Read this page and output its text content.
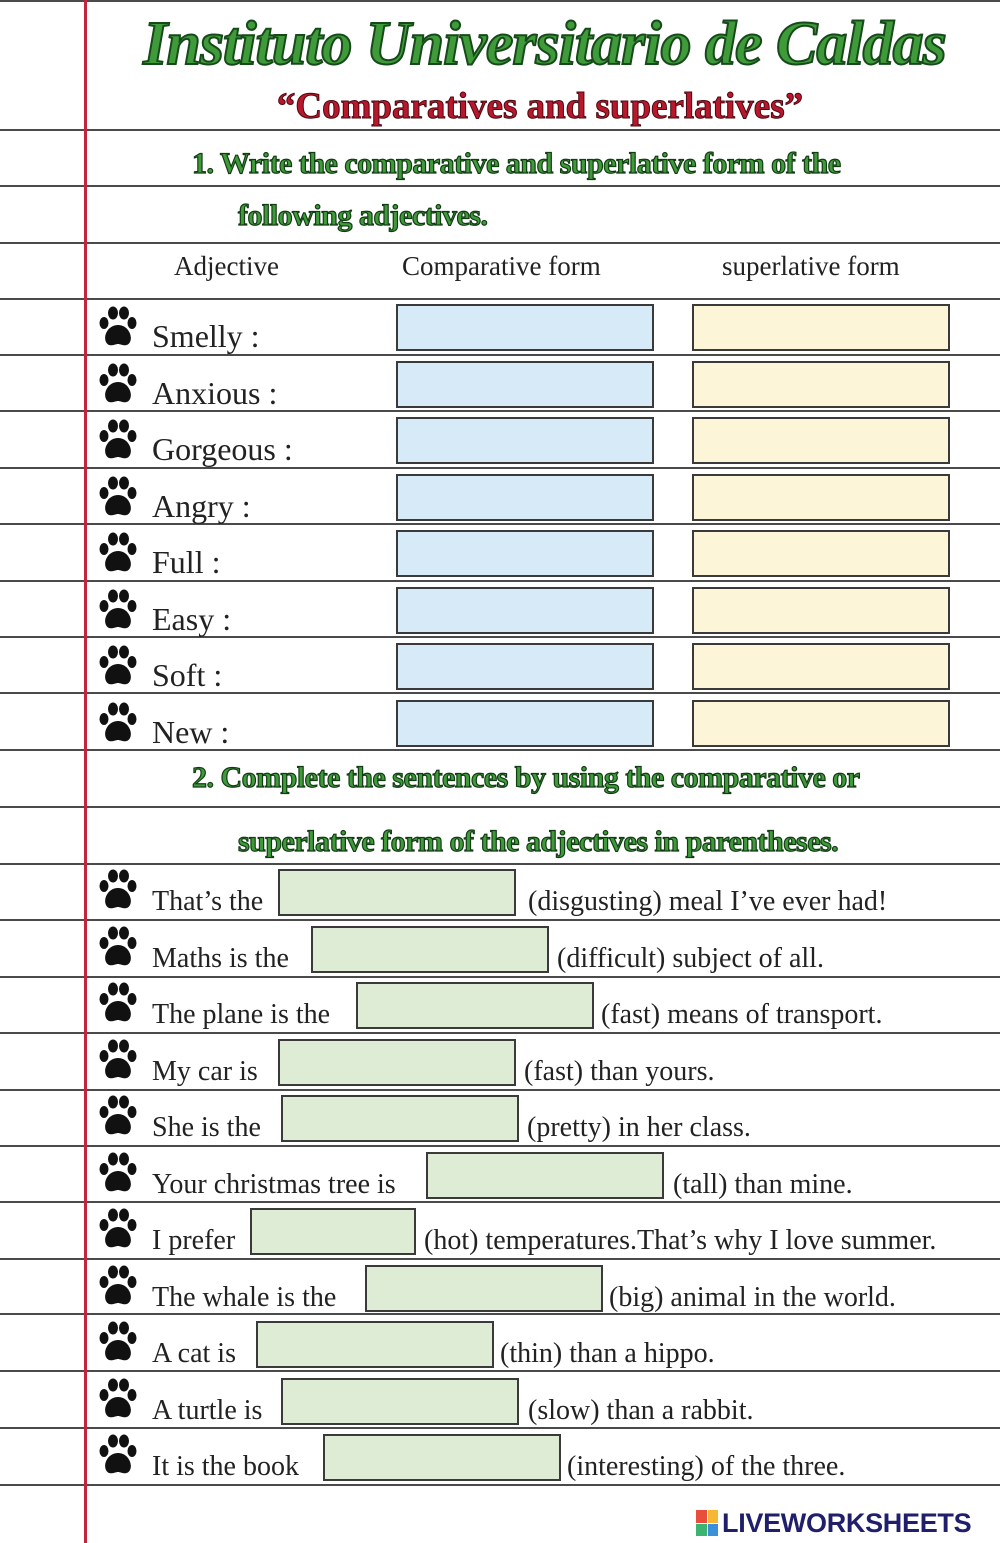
Instituto Universitario de Caldas
“Comparatives and superlatives”
1. Write the comparative and superlative form of the
following adjectives.
Adjective	Comparative form	superlative form
Smelly :
Anxious :
Gorgeous :
Angry :
Full :
Easy :
Soft :
New :
2. Complete the sentences by using the comparative or
superlative form of the adjectives in parentheses.
That’s the	(disgusting) meal I’ve ever had!
Maths is the	(difficult) subject of all.
The plane is the	(fast) means of transport.
My car is	(fast) than yours.
She is the	(pretty) in her class.
Your christmas tree is	(tall) than mine.
I prefer	(hot) temperatures.That’s why I love summer.
The whale is the	(big) animal in the world.
A cat is	(thin) than a hippo.
A turtle is	(slow) than a rabbit.
It is the book	(interesting) of the three.
LIVEWORKSHEETS
